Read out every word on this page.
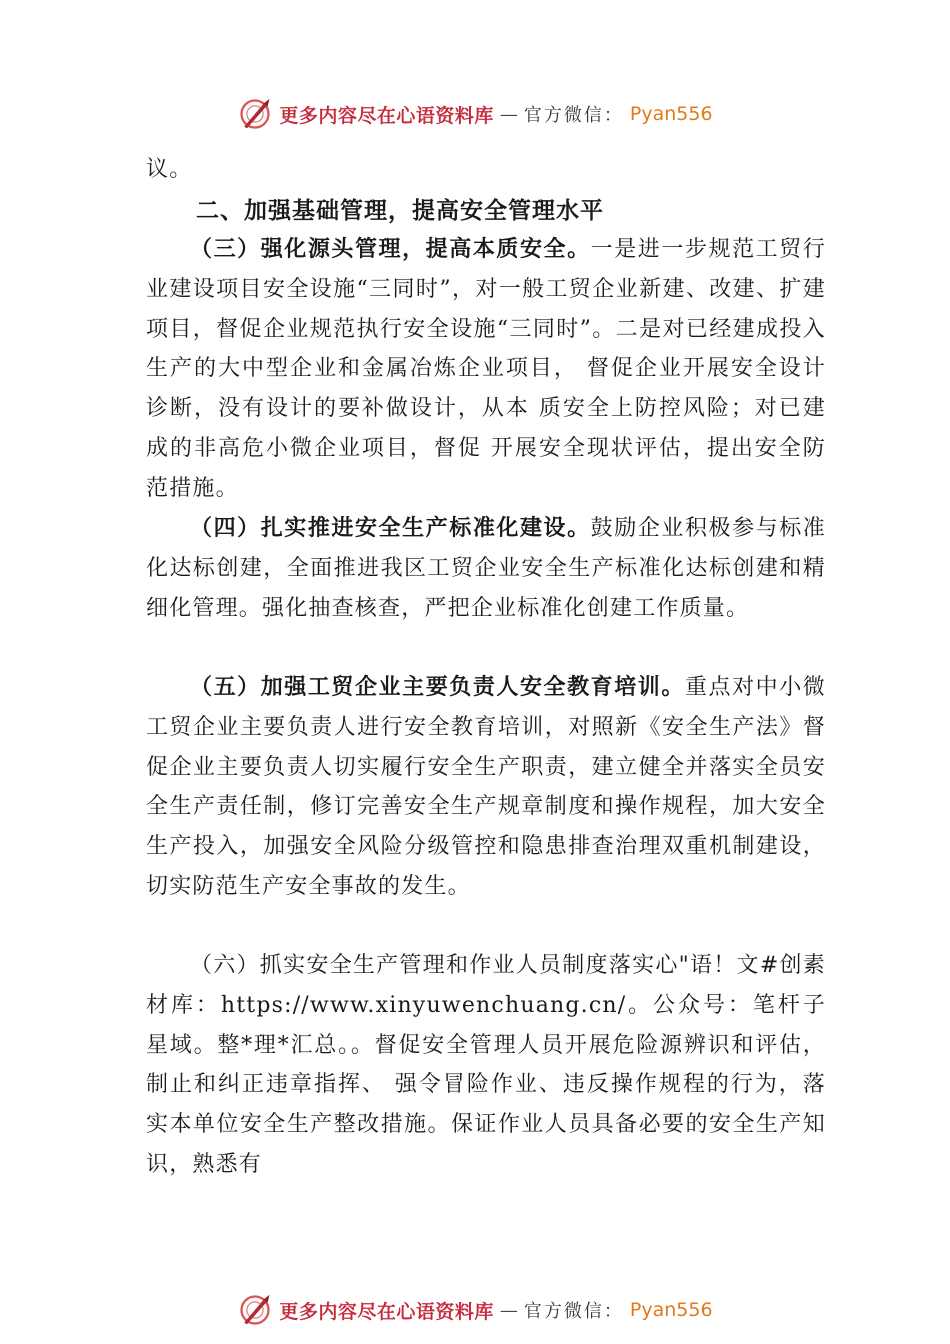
更多内容尽在心语资料库 — 官方微信： Pyan556

议。

二、加强基础管理，提高安全管理水平

（三）强化源头管理，提高本质安全。一是进一步规范工贸行业建设项目安全设施“三同时”，对一般工贸企业新建、改建、扩建项目，督促企业规范执行安全设施“三同时”。二是对已经建成投入生产的大中型企业和金属冶炼企业项目， 督促企业开展安全设计诊断，没有设计的要补做设计，从本 质安全上防控风险；对已建成的非高危小微企业项目，督促 开展安全现状评估，提出安全防范措施。

（四）扎实推进安全生产标准化建设。鼓励企业积极参与标准化达标创建，全面推进我区工贸企业安全生产标准化达标创建和精细化管理。强化抽查核查，严把企业标准化创建工作质量。

（五）加强工贸企业主要负责人安全教育培训。重点对中小微工贸企业主要负责人进行安全教育培训，对照新《安全生产法》督促企业主要负责人切实履行安全生产职责，建立健全并落实全员安全生产责任制，修订完善安全生产规章制度和操作规程，加大安全生产投入，加强安全风险分级管控和隐患排查治理双重机制建设，切实防范生产安全事故的发生。

（六）抓实安全生产管理和作业人员制度落实心"语！文#创素材库：https://www.xinyuwenchuang.cn/。公众号：笔杆子星域。整*理*汇总。。督促安全管理人员开展危险源辨识和评估，制止和纠正违章指挥、 强令冒险作业、违反操作规程的行为，落实本单位安全生产整改措施。保证作业人员具备必要的安全生产知识，熟悉有

更多内容尽在心语资料库 — 官方微信： Pyan556
